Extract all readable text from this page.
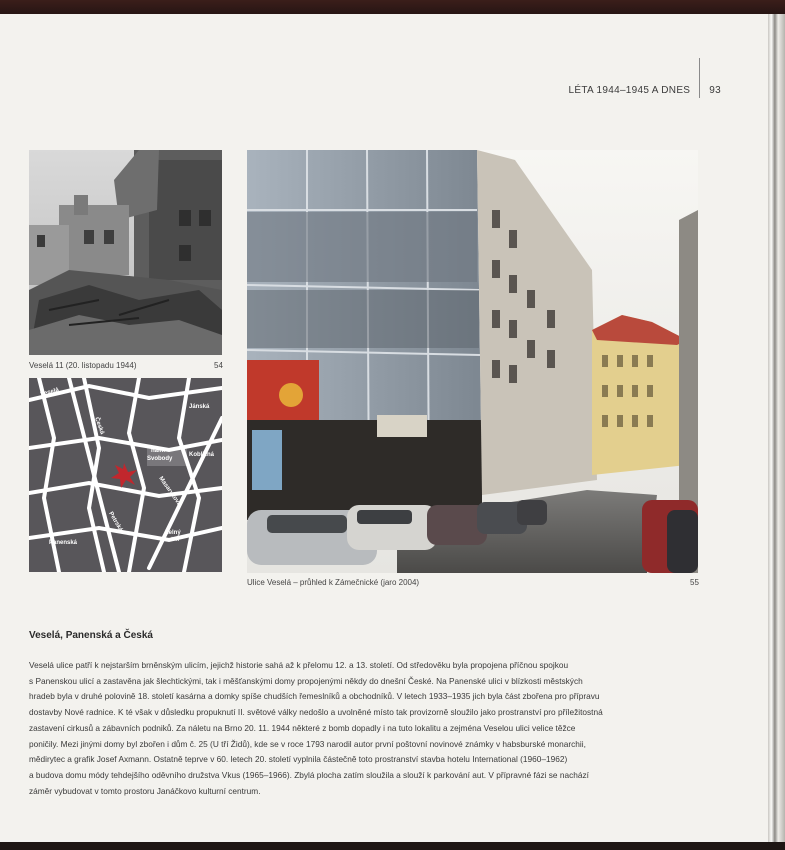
LÉTA 1944–1945 A DNES 93
Veselá 11 (20. listopadu 1944)	54
Veselá
Panenská
Česká
nám.
Svobody
Kobližná
Zelný
trh
Masarykova
Jánská
Petrská
Ulice Veselá – průhled k Zámečnické (jaro 2004)	55
Veselá, Panenská a Česká
Veselá ulice patří k nejstarším brněnským ulicím, jejichž historie sahá až k přelomu 12. a 13. století. Od středověku byla propojena příčnou spojkou
s Panenskou ulicí a zastavěna jak šlechtickými, tak i měšťanskými domy propojenými někdy do dnešní České. Na Panenské ulici v blízkosti městských
hradeb byla v druhé polovině 18. století kasárna a domky spíše chudších řemeslníků a obchodníků. V letech 1933–1935 jich byla část zbořena pro přípravu
dostavby Nové radnice. K té však v důsledku propuknutí II. světové války nedošlo a uvolněné místo tak provizorně sloužilo jako prostranství pro příležitostná
zastavení cirkusů a zábavních podniků. Za náletu na Brno 20. 11. 1944 některé z bomb dopadly i na tuto lokalitu a zejména Veselou ulici velice těžce
poničily. Mezi jinými domy byl zbořen i dům č. 25 (U tří Židů), kde se v roce 1793 narodil autor první poštovní novinové známky v habsburské monarchii,
mědirytec a grafik Josef Axmann. Ostatně teprve v 60. letech 20. století vyplnila částečně toto prostranství stavba hotelu International (1960–1962)
a budova domu módy tehdejšího oděvního družstva Vkus (1965–1966). Zbylá plocha zatím sloužila a slouží k parkování aut. V přípravné fázi se nachází
záměr vybudovat v tomto prostoru Janáčkovo kulturní centrum.
